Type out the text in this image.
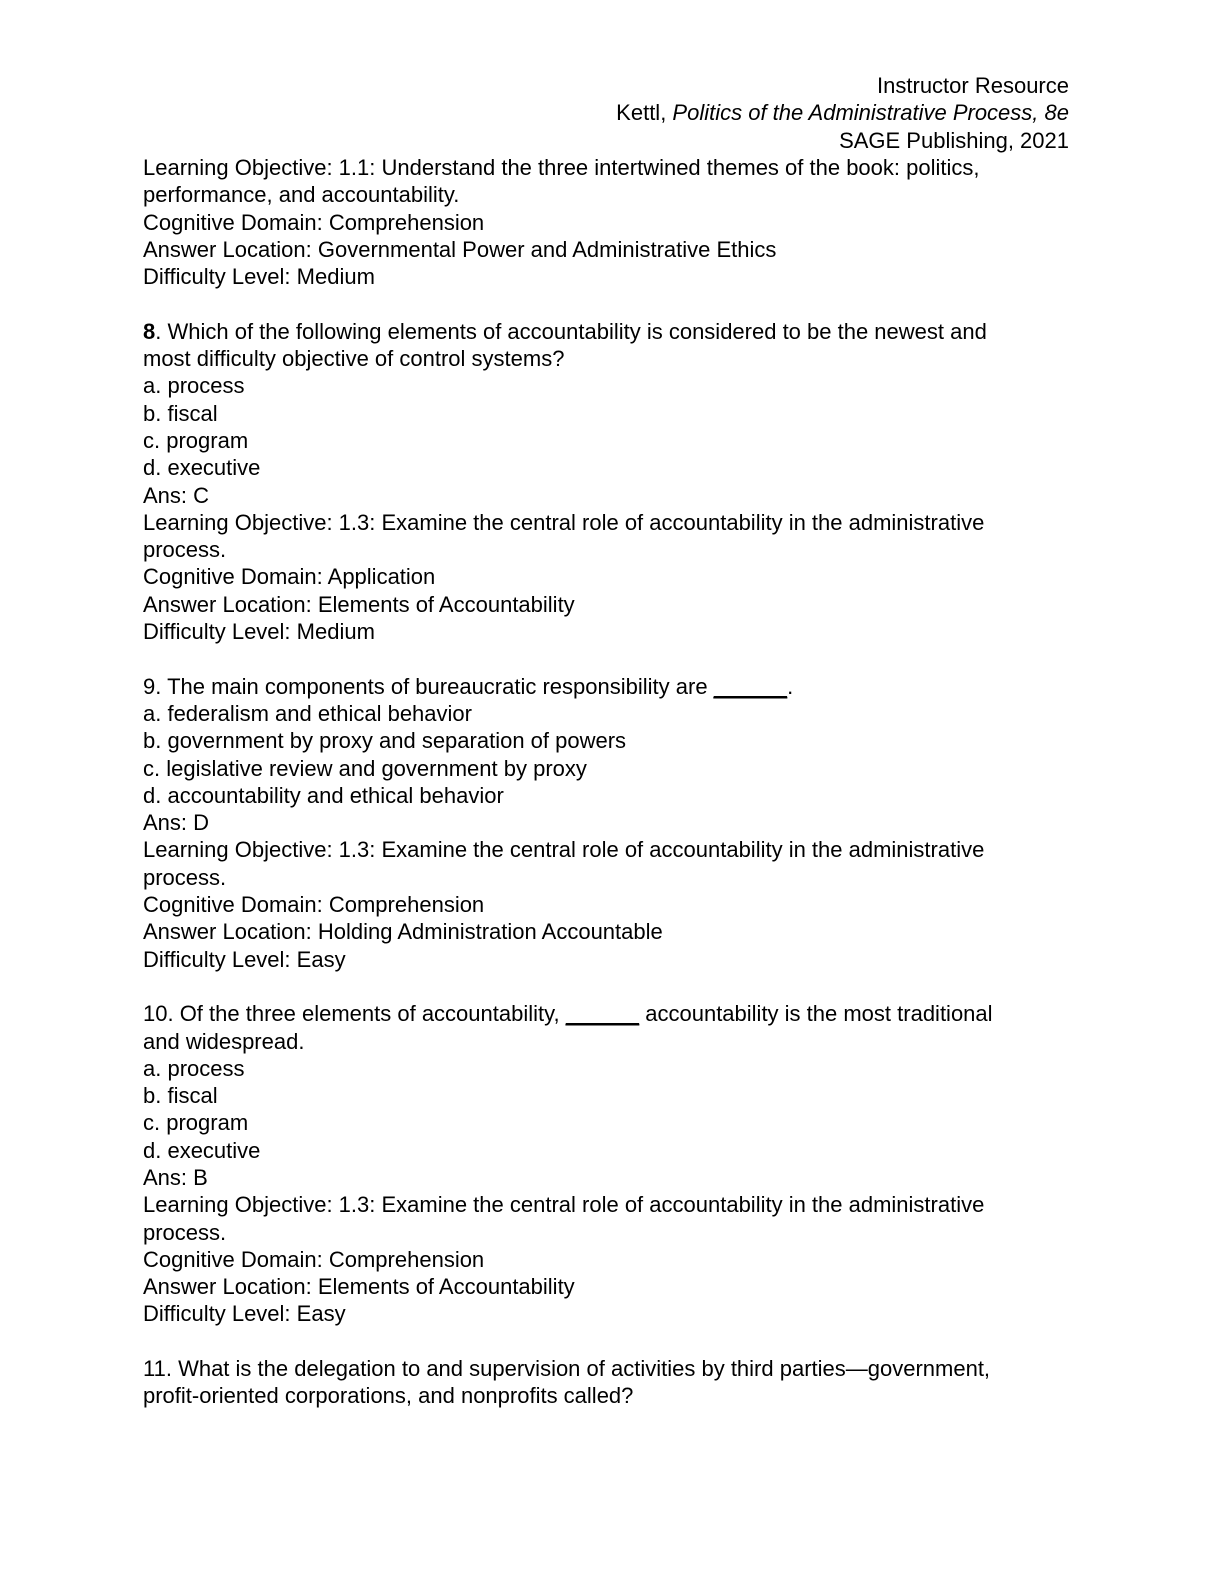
Instructor Resource
Kettl, Politics of the Administrative Process, 8e
SAGE Publishing, 2021
Learning Objective: 1.1: Understand the three intertwined themes of the book: politics,
performance, and accountability.
Cognitive Domain: Comprehension
Answer Location: Governmental Power and Administrative Ethics
Difficulty Level: Medium
8. Which of the following elements of accountability is considered to be the newest and
most difficulty objective of control systems?
a. process
b. fiscal
c. program
d. executive
Ans: C
Learning Objective: 1.3: Examine the central role of accountability in the administrative
process.
Cognitive Domain: Application
Answer Location: Elements of Accountability
Difficulty Level: Medium
9. The main components of bureaucratic responsibility are ______.
a. federalism and ethical behavior
b. government by proxy and separation of powers
c. legislative review and government by proxy
d. accountability and ethical behavior
Ans: D
Learning Objective: 1.3: Examine the central role of accountability in the administrative
process.
Cognitive Domain: Comprehension
Answer Location: Holding Administration Accountable
Difficulty Level: Easy
10. Of the three elements of accountability, ______ accountability is the most traditional
and widespread.
a. process
b. fiscal
c. program
d. executive
Ans: B
Learning Objective: 1.3: Examine the central role of accountability in the administrative
process.
Cognitive Domain: Comprehension
Answer Location: Elements of Accountability
Difficulty Level: Easy
11. What is the delegation to and supervision of activities by third parties—government,
profit-oriented corporations, and nonprofits called?
